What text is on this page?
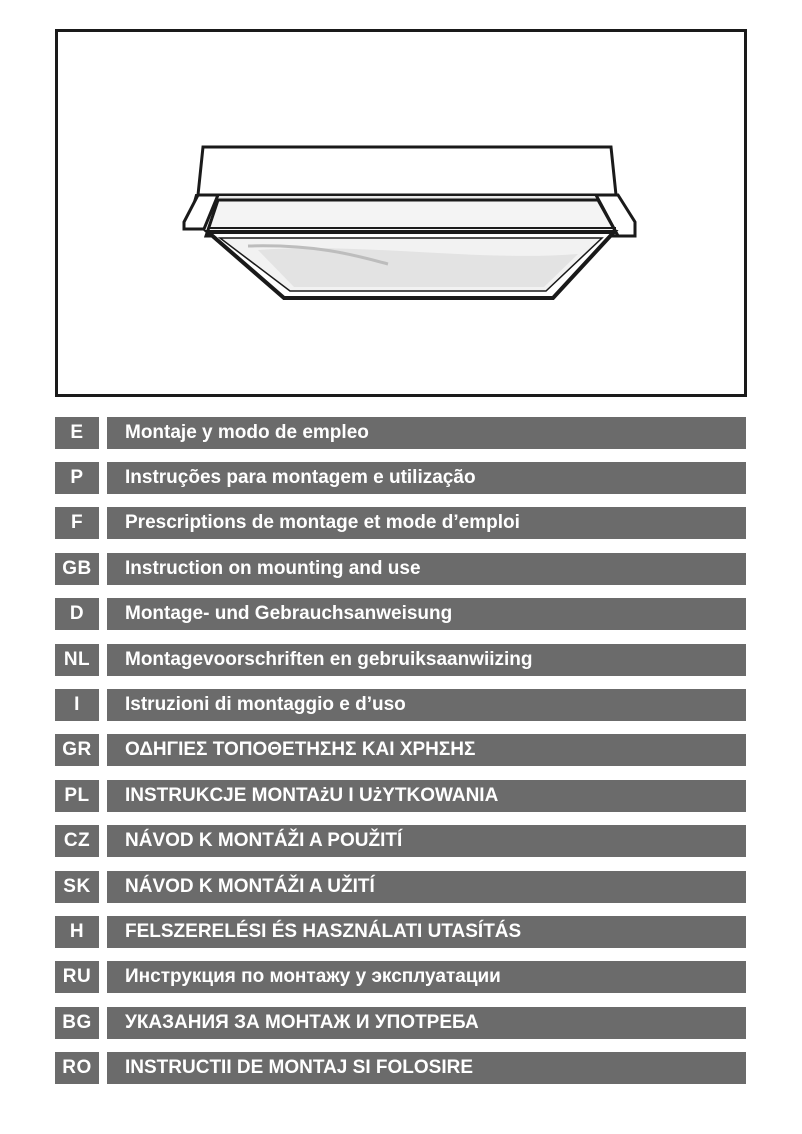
E	Montaje y modo de empleo
P	Instruções para montagem e utilização
F	Prescriptions de montage et mode d’emploi
GB	Instruction on mounting and use
D	Montage- und Gebrauchsanweisung
NL	Montagevoorschriften en gebruiksaanwiizing
I	Istruzioni di montaggio e d’uso
GR	ΟΔΗΓΙΕΣ ΤΟΠΟΘΕΤΗΣΗΣ ΚΑΙ ΧΡΗΣΗΣ
PL	INSTRUKCJE MONTAżU I UżYTKOWANIA
CZ	NÁVOD K MONTÁŽI A POUŽITÍ
SK	NÁVOD K MONTÁŽI A UŽITÍ
H	FELSZERELÉSI ÉS HASZNÁLATI UTASÍTÁS
RU	Инструкция по монтажу у эксплуатации
BG	УКАЗАНИЯ ЗА МОНТАЖ И УПОТРЕБА
RO	INSTRUCTII DE MONTAJ SI FOLOSIRE
